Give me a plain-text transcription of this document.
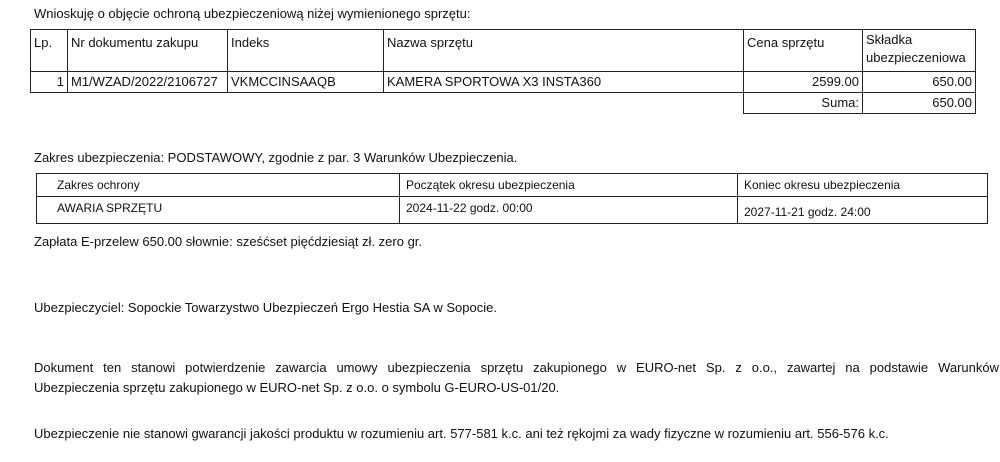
Wnioskuję o objęcie ochroną ubezpieczeniową niżej wymienionego sprzętu:
Lp.	Nr dokumentu zakupu	Indeks	Nazwa sprzętu	Cena sprzętu	Składka
ubezpieczeniowa
1	M1/WZAD/2022/2106727	VKMCCINSAAQB	KAMERA SPORTOWA X3 INSTA360	2599.00	650.00
				Suma:	650.00
Zakres ubezpieczenia: PODSTAWOWY, zgodnie z par. 3 Warunków Ubezpieczenia.
Zakres ochrony	Początek okresu ubezpieczenia	Koniec okresu ubezpieczenia
AWARIA SPRZĘTU	2024-11-22 godz. 00:00	2027-11-21 godz. 24:00
Zapłata E-przelew 650.00 słownie: sześćset pięćdziesiąt zł. zero gr.
Ubezpieczyciel: Sopockie Towarzystwo Ubezpieczeń Ergo Hestia SA w Sopocie.
Dokument ten stanowi potwierdzenie zawarcia umowy ubezpieczenia sprzętu zakupionego w EURO-net Sp. z o.o., zawartej na podstawie Warunków
Ubezpieczenia sprzętu zakupionego w EURO-net Sp. z o.o. o symbolu G-EURO-US-01/20.
Ubezpieczenie nie stanowi gwarancji jakości produktu w rozumieniu art. 577-581 k.c. ani też rękojmi za wady fizyczne w rozumieniu art. 556-576 k.c.
